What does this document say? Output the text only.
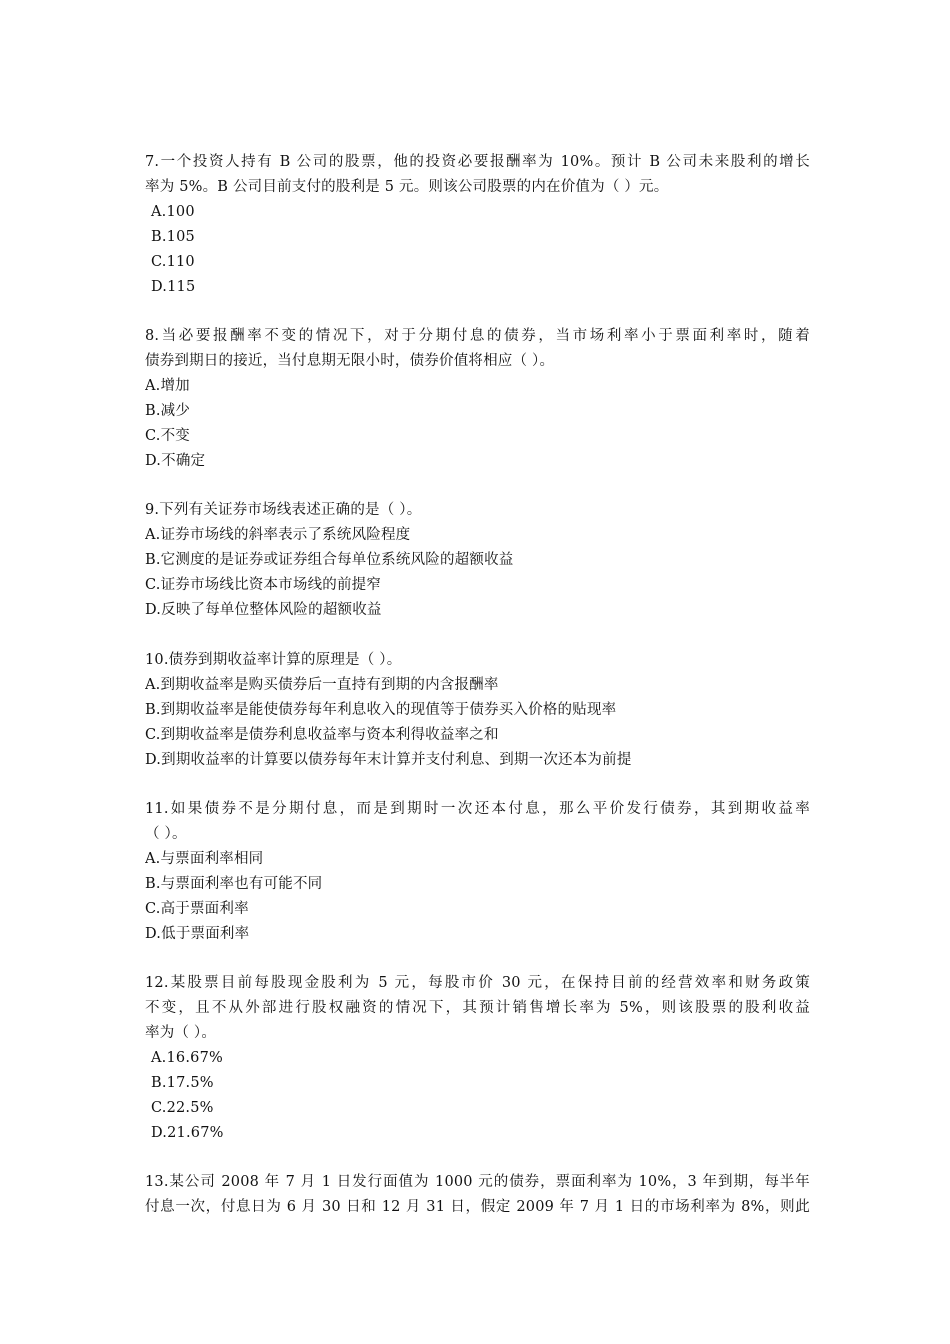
7.一个投资人持有 B 公司的股票，他的投资必要报酬率为 10%。预计 B 公司未来股利的增长
率为 5%。B 公司目前支付的股利是 5 元。则该公司股票的内在价值为（ ）元。
A.100
B.105
C.110
D.115
8.当必要报酬率不变的情况下，对于分期付息的债券，当市场利率小于票面利率时，随着
债券到期日的接近，当付息期无限小时，债券价值将相应（ ）。
A.增加
B.减少
C.不变
D.不确定
9.下列有关证券市场线表述正确的是（ ）。
A.证券市场线的斜率表示了系统风险程度
B.它测度的是证券或证券组合每单位系统风险的超额收益
C.证券市场线比资本市场线的前提窄
D.反映了每单位整体风险的超额收益
10.债券到期收益率计算的原理是（ ）。
A.到期收益率是购买债券后一直持有到期的内含报酬率
B.到期收益率是能使债券每年利息收入的现值等于债券买入价格的贴现率
C.到期收益率是债券利息收益率与资本利得收益率之和
D.到期收益率的计算要以债券每年末计算并支付利息、到期一次还本为前提
11.如果债券不是分期付息，而是到期时一次还本付息，那么平价发行债券，其到期收益率
（ ）。
A.与票面利率相同
B.与票面利率也有可能不同
C.高于票面利率
D.低于票面利率
12.某股票目前每股现金股利为 5 元，每股市价 30 元，在保持目前的经营效率和财务政策
不变，且不从外部进行股权融资的情况下，其预计销售增长率为 5%，则该股票的股利收益
率为（ ）。
A.16.67%
B.17.5%
C.22.5%
D.21.67%
13.某公司 2008 年 7 月 1 日发行面值为 1000 元的债券，票面利率为 10%，3 年到期，每半年
付息一次，付息日为 6 月 30 日和 12 月 31 日，假定 2009 年 7 月 1 日的市场利率为 8%，则此
